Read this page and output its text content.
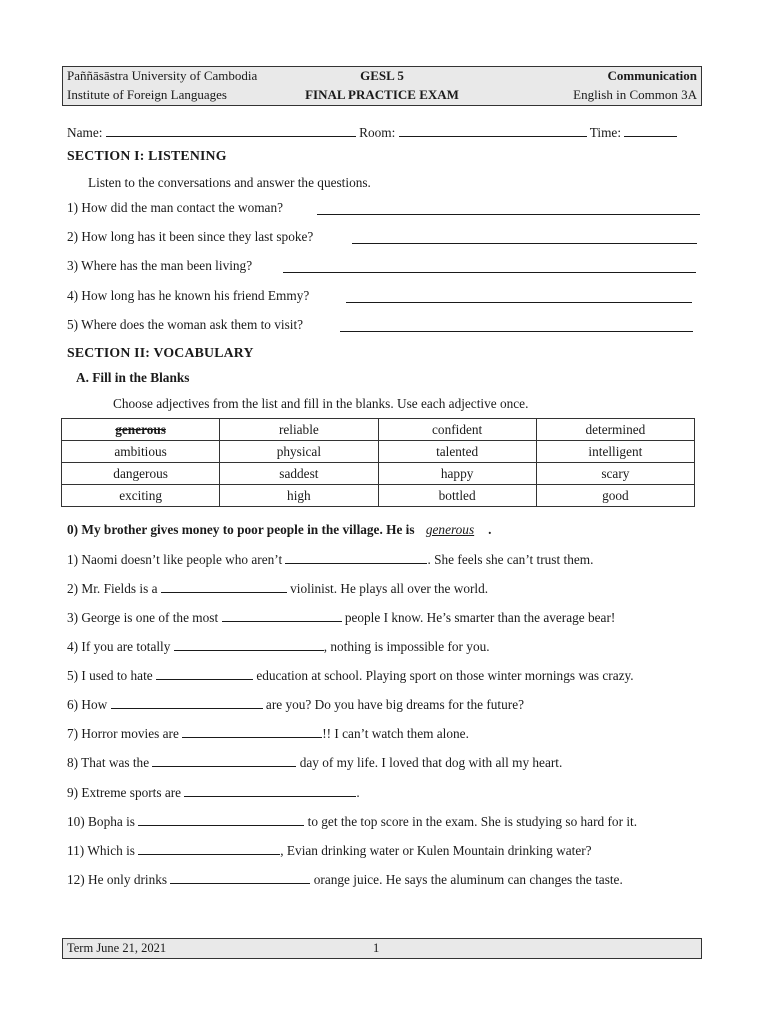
Paññāsāstra University of Cambodia
Institute of Foreign Languages
GESL 5
FINAL PRACTICE EXAM
Communication
English in Common 3A
Name:	Room:	Time:
SECTION I: LISTENING
Listen to the conversations and answer the questions.
1) How did the man contact the woman?
2) How long has it been since they last spoke?
3) Where has the man been living?
4) How long has he known his friend Emmy?
5) Where does the woman ask them to visit?
SECTION II: VOCABULARY
A. Fill in the Blanks
Choose adjectives from the list and fill in the blanks. Use each adjective once.
generous	reliable	confident	determined
ambitious	physical	talented	intelligent
dangerous	saddest	happy	scary
exciting	high	bottled	good
0) My brother gives money to poor people in the village. He is generous .
1) Naomi doesn’t like people who aren’t	. She feels she can’t trust them.
2) Mr. Fields is a	violinist. He plays all over the world.
3) George is one of the most	people I know. He’s smarter than the average bear!
4) If you are totally	, nothing is impossible for you.
5) I used to hate	education at school. Playing sport on those winter mornings was crazy.
6) How	are you? Do you have big dreams for the future?
7) Horror movies are	!! I can’t watch them alone.
8) That was the	day of my life. I loved that dog with all my heart.
9) Extreme sports are	.
10) Bopha is	to get the top score in the exam. She is studying so hard for it.
11) Which is	, Evian drinking water or Kulen Mountain drinking water?
12) He only drinks	orange juice. He says the aluminum can changes the taste.
Term June 21, 2021	1
